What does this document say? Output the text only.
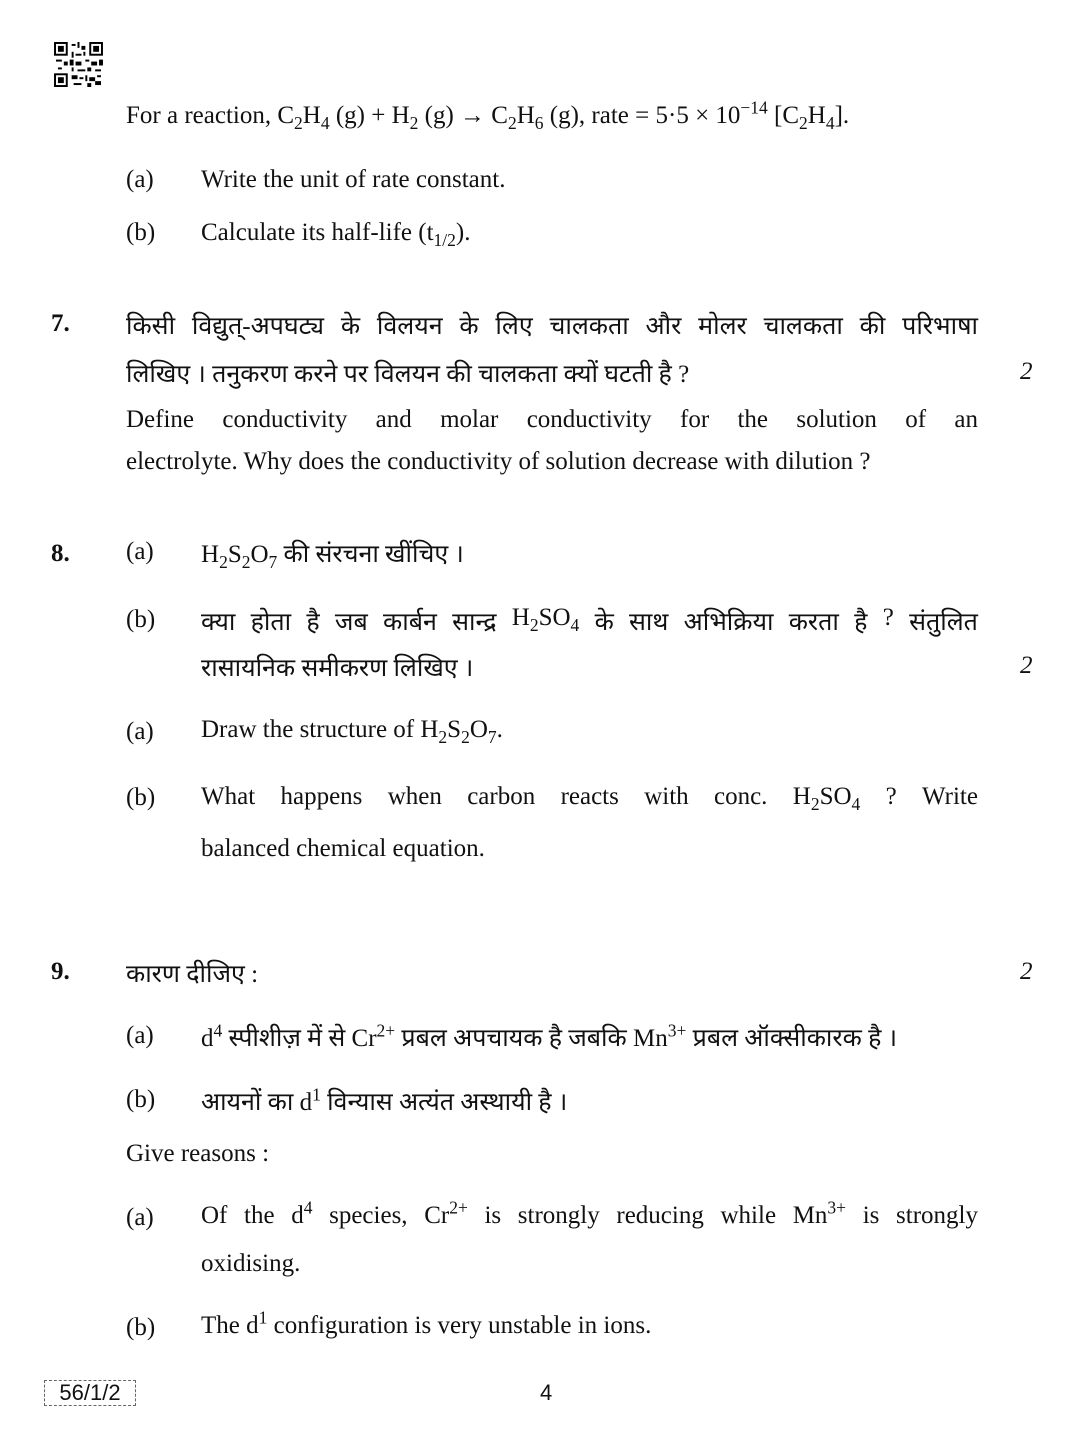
For a reaction, $C_2H_4$ $(g) + H_2$ $(g) \to C_2H_6$ (g), rate = $5\cdot 5 \times 10^{-14}$ $[C_2H_4]$.
(a) Write the unit of rate constant.
(b) Calculate its half-life $(t_{1/2})$.
7. किसी विद्युत्-अपघट्य के विलयन के लिए चालकता और मोलर चालकता की परिभाषा
लिखिए । तनुकरण करने पर विलयन की चालकता क्यों घटती है ?	2
Define conductivity and molar conductivity for the solution of an
electrolyte. Why does the conductivity of solution decrease with dilution ?
8. (a) $H_2S_2O_7$ की संरचना खींचिए ।
(b) क्या होता है जब कार्बन सान्द्र $H_2SO_4$ के साथ अभिक्रिया करता है ? संतुलित
रासायनिक समीकरण लिखिए ।	2
(a) Draw the structure of $H_2S_2O_7$.
(b) What happens when carbon reacts with conc. $H_2SO_4$ ? Write
balanced chemical equation.
9. कारण दीजिए :	2
(a) $d^4$ स्पीशीज़ में से $Cr^{2+}$ प्रबल अपचायक है जबकि $Mn^{3+}$ प्रबल ऑक्सीकारक है ।
(b) आयनों का $d^1$ विन्यास अत्यंत अस्थायी है ।
Give reasons :
(a) Of the $d^4$ species, $Cr^{2+}$ is strongly reducing while $Mn^{3+}$ is strongly
oxidising.
(b) The $d^1$ configuration is very unstable in ions.
56/1/2	4
